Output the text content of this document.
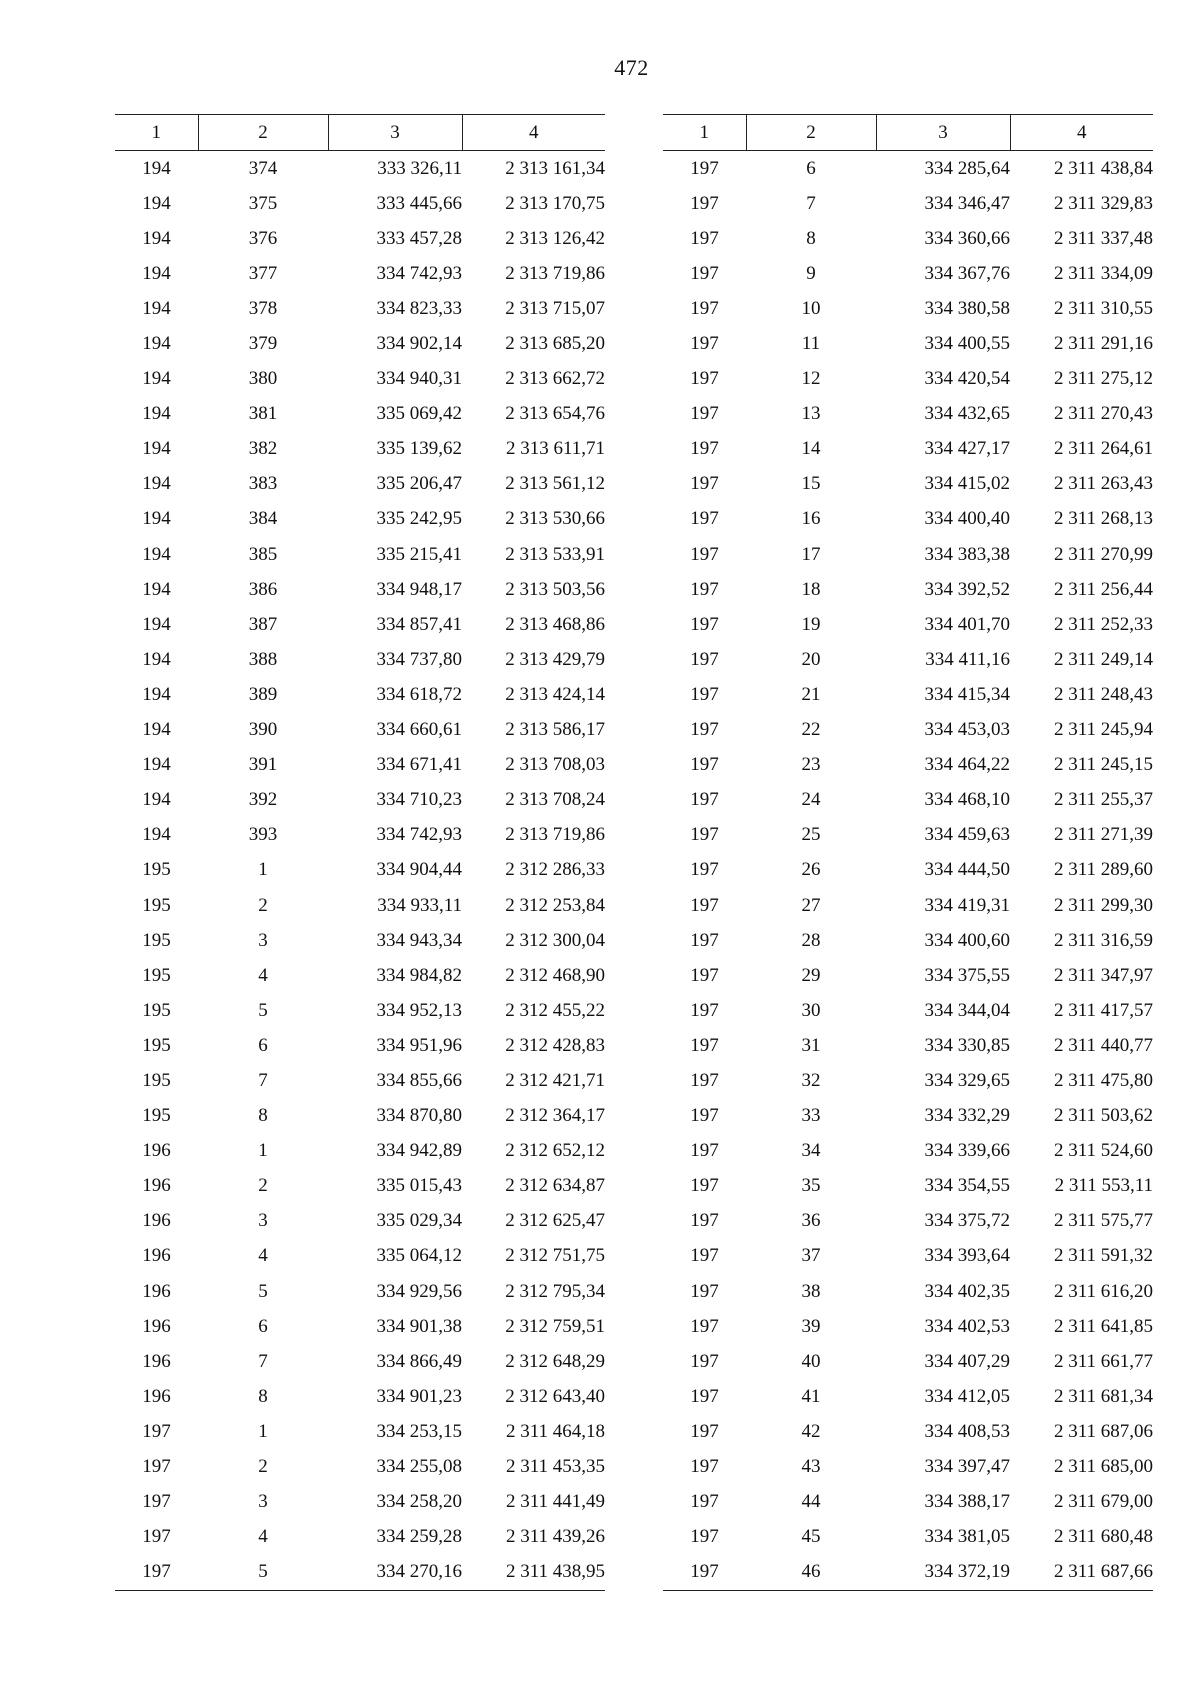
472
1	2	3	4
194	374	333 326,11	2 313 161,34
194	375	333 445,66	2 313 170,75
194	376	333 457,28	2 313 126,42
194	377	334 742,93	2 313 719,86
194	378	334 823,33	2 313 715,07
194	379	334 902,14	2 313 685,20
194	380	334 940,31	2 313 662,72
194	381	335 069,42	2 313 654,76
194	382	335 139,62	2 313 611,71
194	383	335 206,47	2 313 561,12
194	384	335 242,95	2 313 530,66
194	385	335 215,41	2 313 533,91
194	386	334 948,17	2 313 503,56
194	387	334 857,41	2 313 468,86
194	388	334 737,80	2 313 429,79
194	389	334 618,72	2 313 424,14
194	390	334 660,61	2 313 586,17
194	391	334 671,41	2 313 708,03
194	392	334 710,23	2 313 708,24
194	393	334 742,93	2 313 719,86
195	1	334 904,44	2 312 286,33
195	2	334 933,11	2 312 253,84
195	3	334 943,34	2 312 300,04
195	4	334 984,82	2 312 468,90
195	5	334 952,13	2 312 455,22
195	6	334 951,96	2 312 428,83
195	7	334 855,66	2 312 421,71
195	8	334 870,80	2 312 364,17
196	1	334 942,89	2 312 652,12
196	2	335 015,43	2 312 634,87
196	3	335 029,34	2 312 625,47
196	4	335 064,12	2 312 751,75
196	5	334 929,56	2 312 795,34
196	6	334 901,38	2 312 759,51
196	7	334 866,49	2 312 648,29
196	8	334 901,23	2 312 643,40
197	1	334 253,15	2 311 464,18
197	2	334 255,08	2 311 453,35
197	3	334 258,20	2 311 441,49
197	4	334 259,28	2 311 439,26
197	5	334 270,16	2 311 438,95
1	2	3	4
197	6	334 285,64	2 311 438,84
197	7	334 346,47	2 311 329,83
197	8	334 360,66	2 311 337,48
197	9	334 367,76	2 311 334,09
197	10	334 380,58	2 311 310,55
197	11	334 400,55	2 311 291,16
197	12	334 420,54	2 311 275,12
197	13	334 432,65	2 311 270,43
197	14	334 427,17	2 311 264,61
197	15	334 415,02	2 311 263,43
197	16	334 400,40	2 311 268,13
197	17	334 383,38	2 311 270,99
197	18	334 392,52	2 311 256,44
197	19	334 401,70	2 311 252,33
197	20	334 411,16	2 311 249,14
197	21	334 415,34	2 311 248,43
197	22	334 453,03	2 311 245,94
197	23	334 464,22	2 311 245,15
197	24	334 468,10	2 311 255,37
197	25	334 459,63	2 311 271,39
197	26	334 444,50	2 311 289,60
197	27	334 419,31	2 311 299,30
197	28	334 400,60	2 311 316,59
197	29	334 375,55	2 311 347,97
197	30	334 344,04	2 311 417,57
197	31	334 330,85	2 311 440,77
197	32	334 329,65	2 311 475,80
197	33	334 332,29	2 311 503,62
197	34	334 339,66	2 311 524,60
197	35	334 354,55	2 311 553,11
197	36	334 375,72	2 311 575,77
197	37	334 393,64	2 311 591,32
197	38	334 402,35	2 311 616,20
197	39	334 402,53	2 311 641,85
197	40	334 407,29	2 311 661,77
197	41	334 412,05	2 311 681,34
197	42	334 408,53	2 311 687,06
197	43	334 397,47	2 311 685,00
197	44	334 388,17	2 311 679,00
197	45	334 381,05	2 311 680,48
197	46	334 372,19	2 311 687,66
